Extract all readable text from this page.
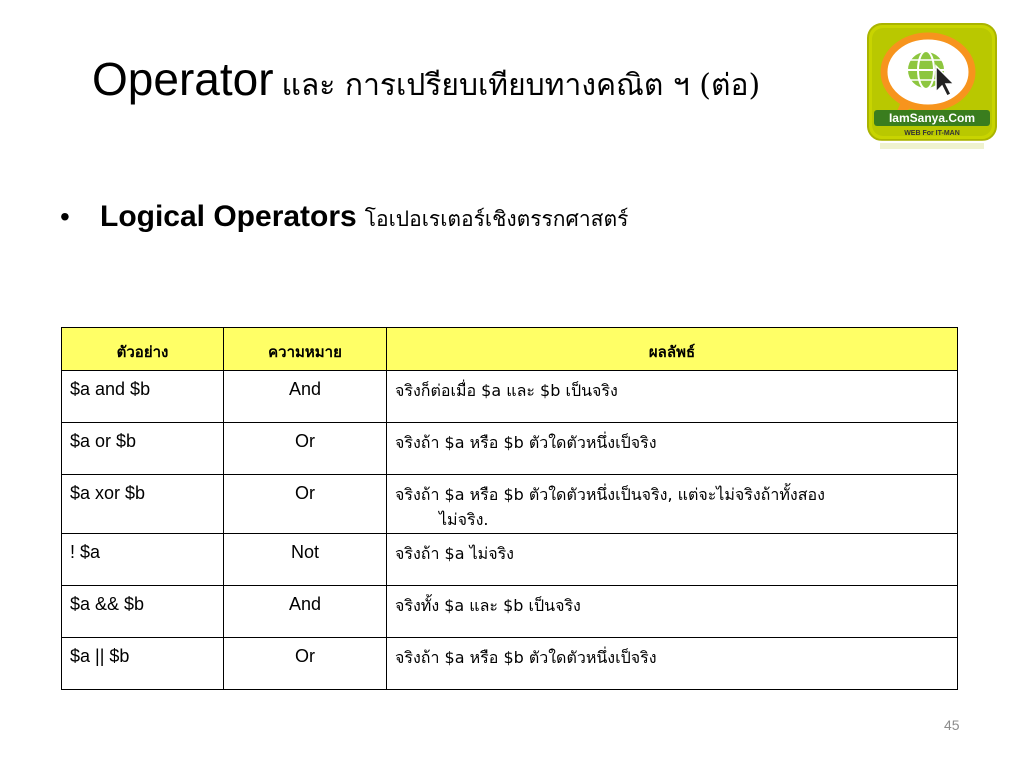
Operator และ การเปรียบเทียบทางคณิต ฯ (ต่อ)
IamSanya.Com
WEB For IT-MAN
•	Logical Operators โอเปอเรเตอร์เชิงตรรกศาสตร์
ตัวอย่าง	ความหมาย	ผลลัพธ์
$a and $b	And	จริงก็ต่อเมื่อ $a และ $b เป็นจริง

$a or $b	Or	จริงถ้า $a หรือ $b ตัวใดตัวหนึ่งเป็จริง

$a xor $b	Or	จริงถ้า $a หรือ $b ตัวใดตัวหนึ่งเป็นจริง, แต่จะไม่จริงถ้าทั้งสอง
ไม่จริง.

! $a	Not	จริงถ้า $a ไม่จริง

$a && $b	And	จริงทั้ง $a และ $b เป็นจริง

$a || $b	Or	จริงถ้า $a หรือ $b ตัวใดตัวหนึ่งเป็จริง
45
